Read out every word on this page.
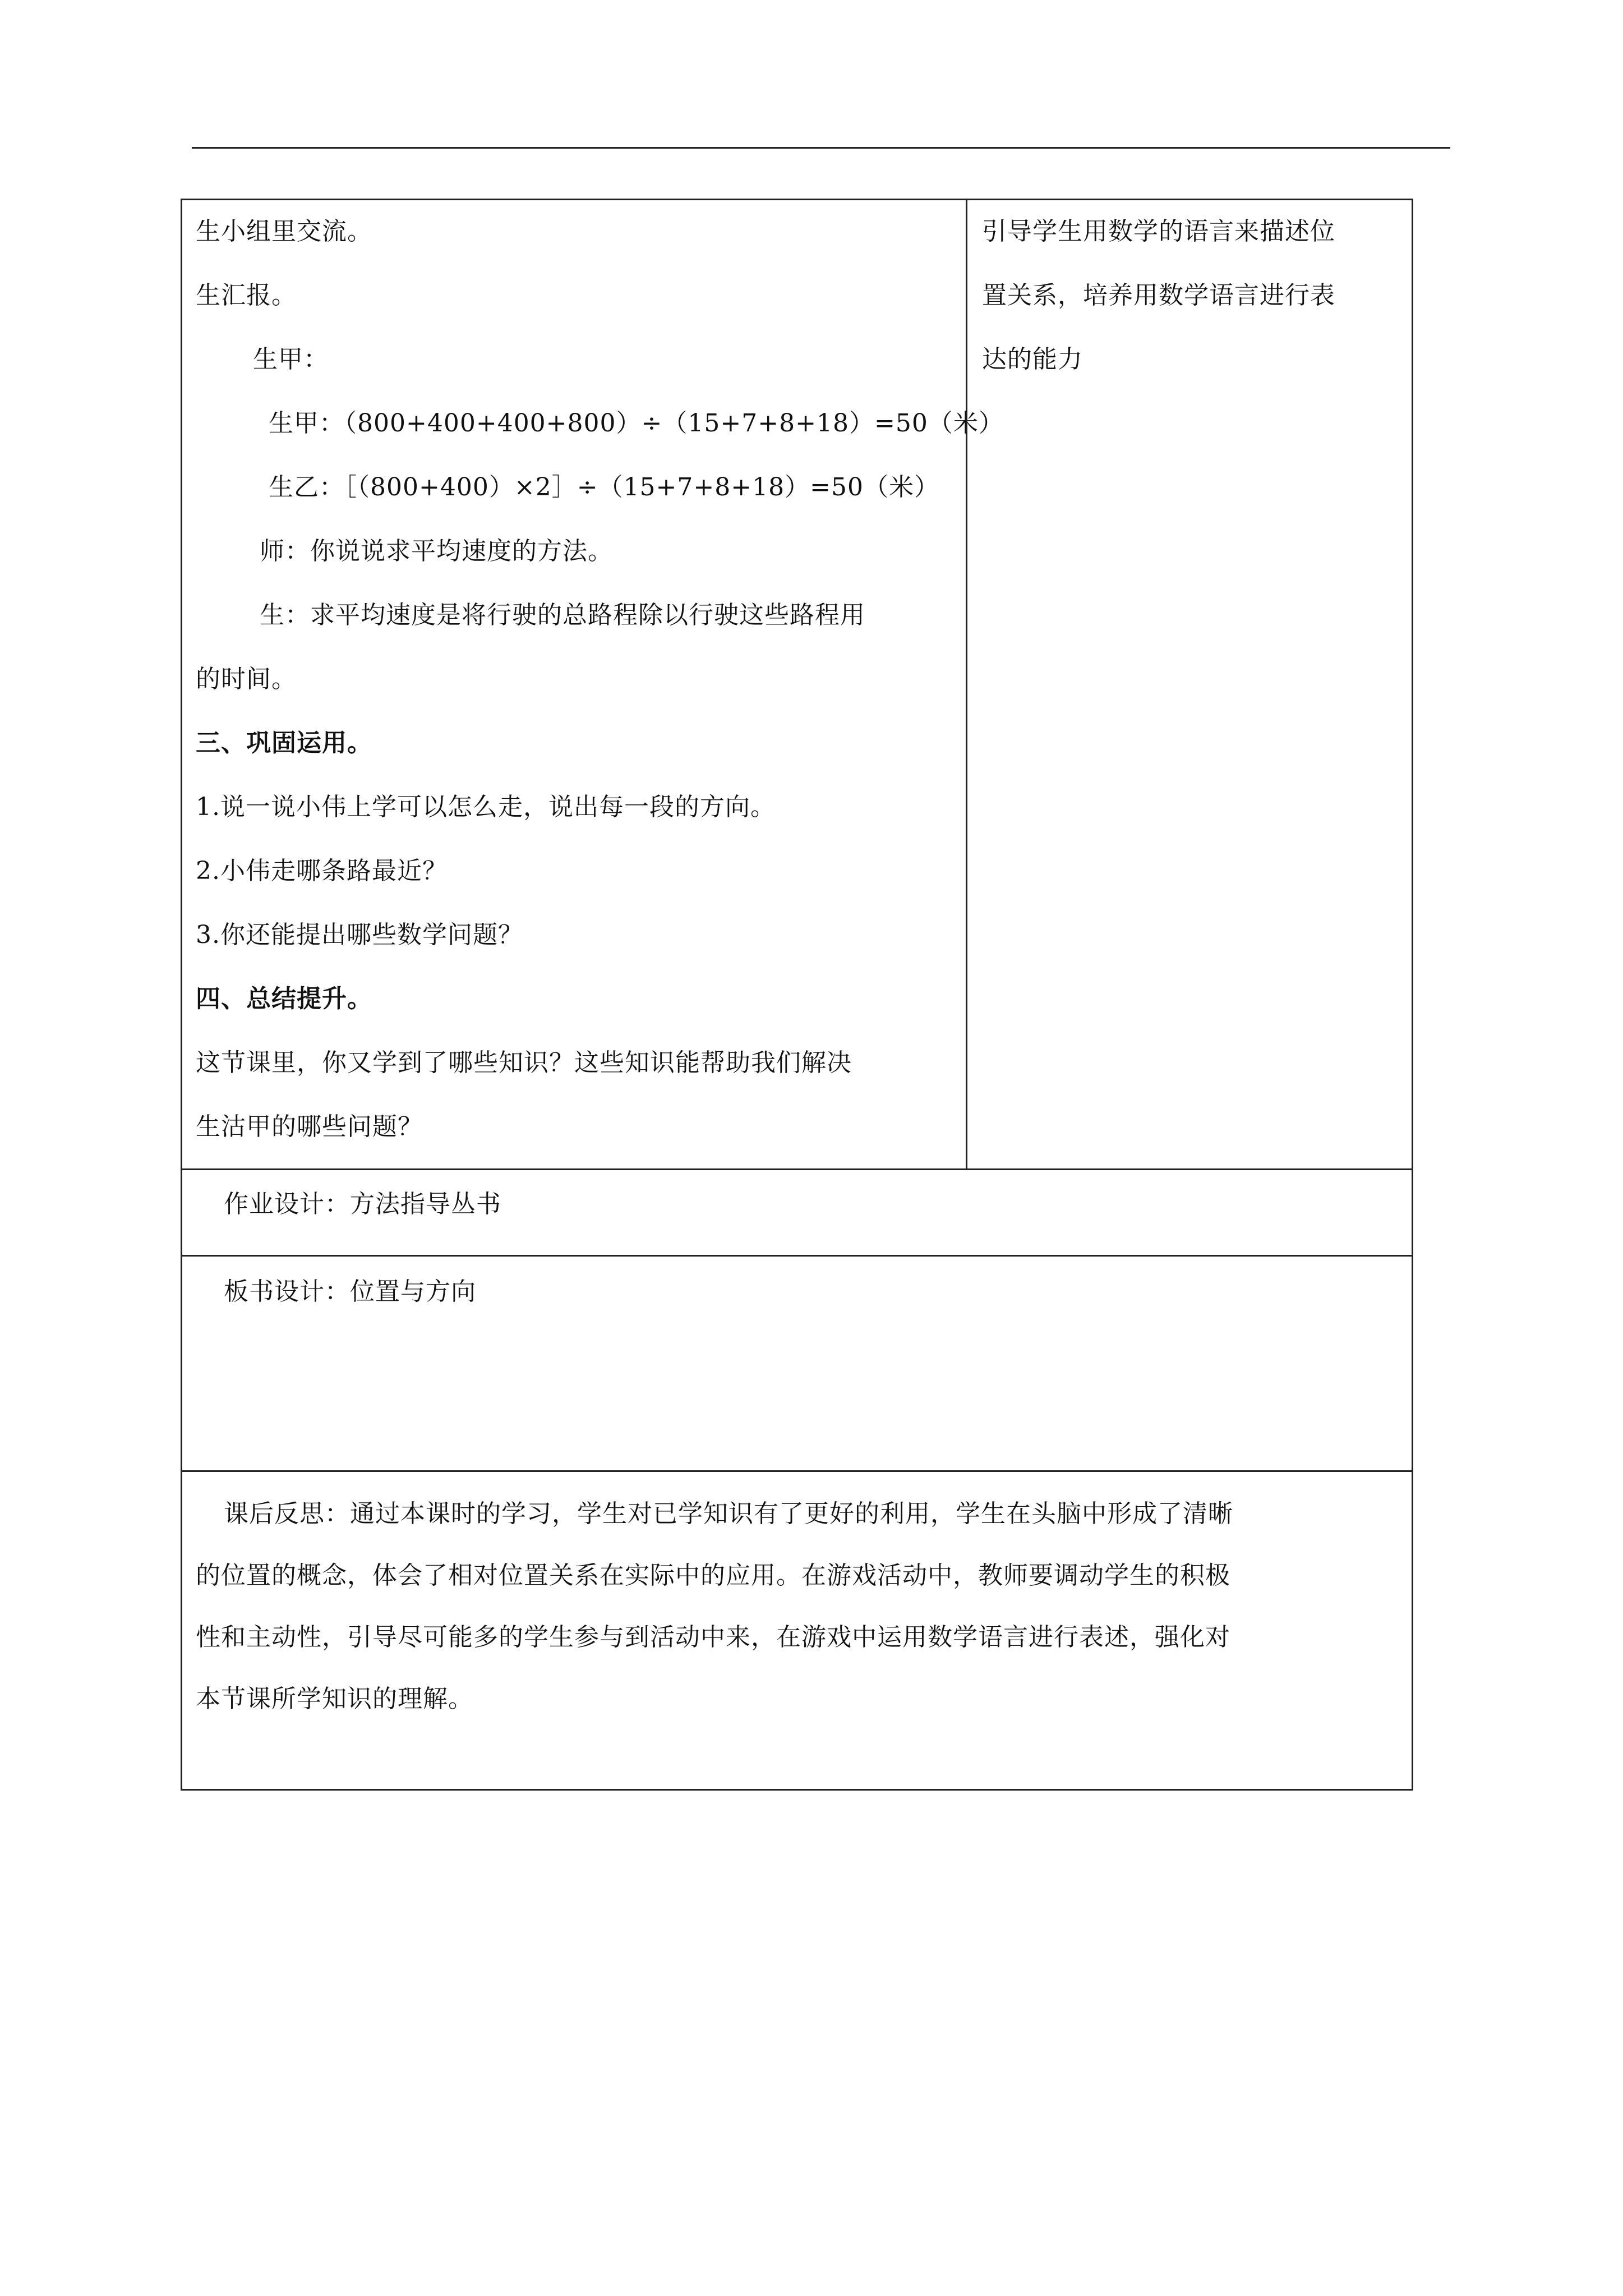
生小组里交流。
生汇报。
生甲：
生甲：（800+400+400+800）÷（15+7+8+18）=50（米）
生乙：［（800+400）×2］÷（15+7+8+18）=50（米）
师：你说说求平均速度的方法。
生：求平均速度是将行驶的总路程除以行驶这些路程用
的时间。
三、巩固运用。
1.说一说小伟上学可以怎么走，说出每一段的方向。
2.小伟走哪条路最近？
3.你还能提出哪些数学问题？
四、总结提升。
这节课里，你又学到了哪些知识？这些知识能帮助我们解决
生沽甲的哪些问题？
引导学生用数学的语言来描述位
置关系，培养用数学语言进行表
达的能力
作业设计：方法指导丛书
板书设计：位置与方向
课后反思：通过本课时的学习，学生对已学知识有了更好的利用，学生在头脑中形成了清晰
的位置的概念，体会了相对位置关系在实际中的应用。在游戏活动中，教师要调动学生的积极
性和主动性，引导尽可能多的学生参与到活动中来，在游戏中运用数学语言进行表述，强化对
本节课所学知识的理解。
